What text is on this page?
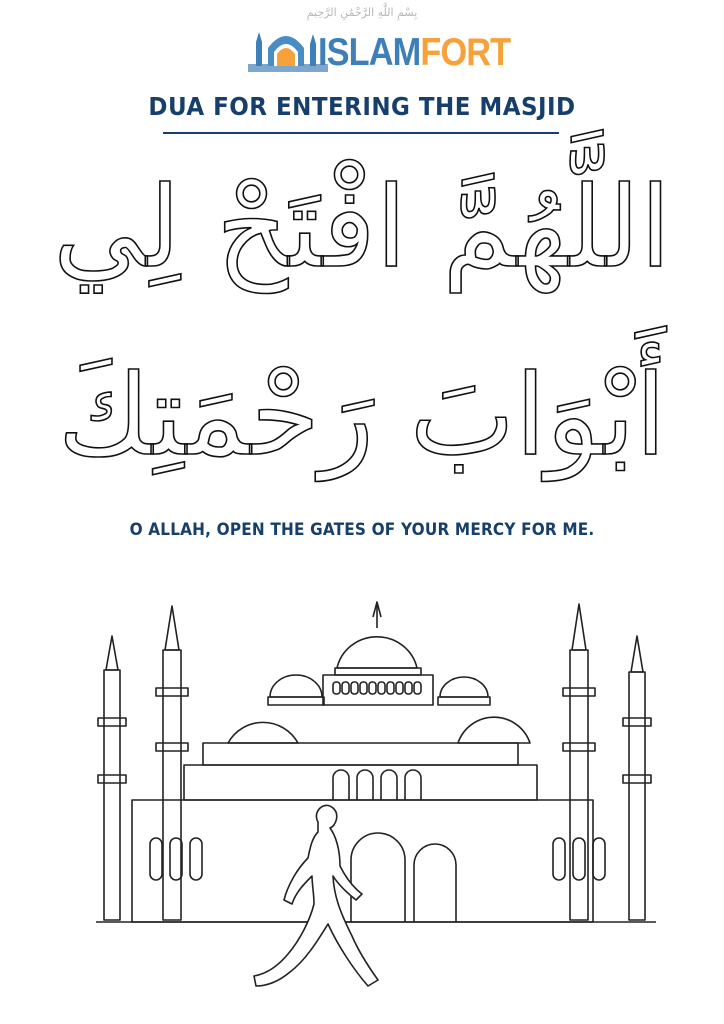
بِسْمِ اللَّهِ الرَّحْمَٰنِ الرَّحِيمِ
ISLAMFORT
DUA FOR ENTERING THE MASJID
اللَّهُمَّ افْتَحْ لِي
أَبْوَابَ رَحْمَتِكَ
O ALLAH, OPEN THE GATES OF YOUR MERCY FOR ME.
